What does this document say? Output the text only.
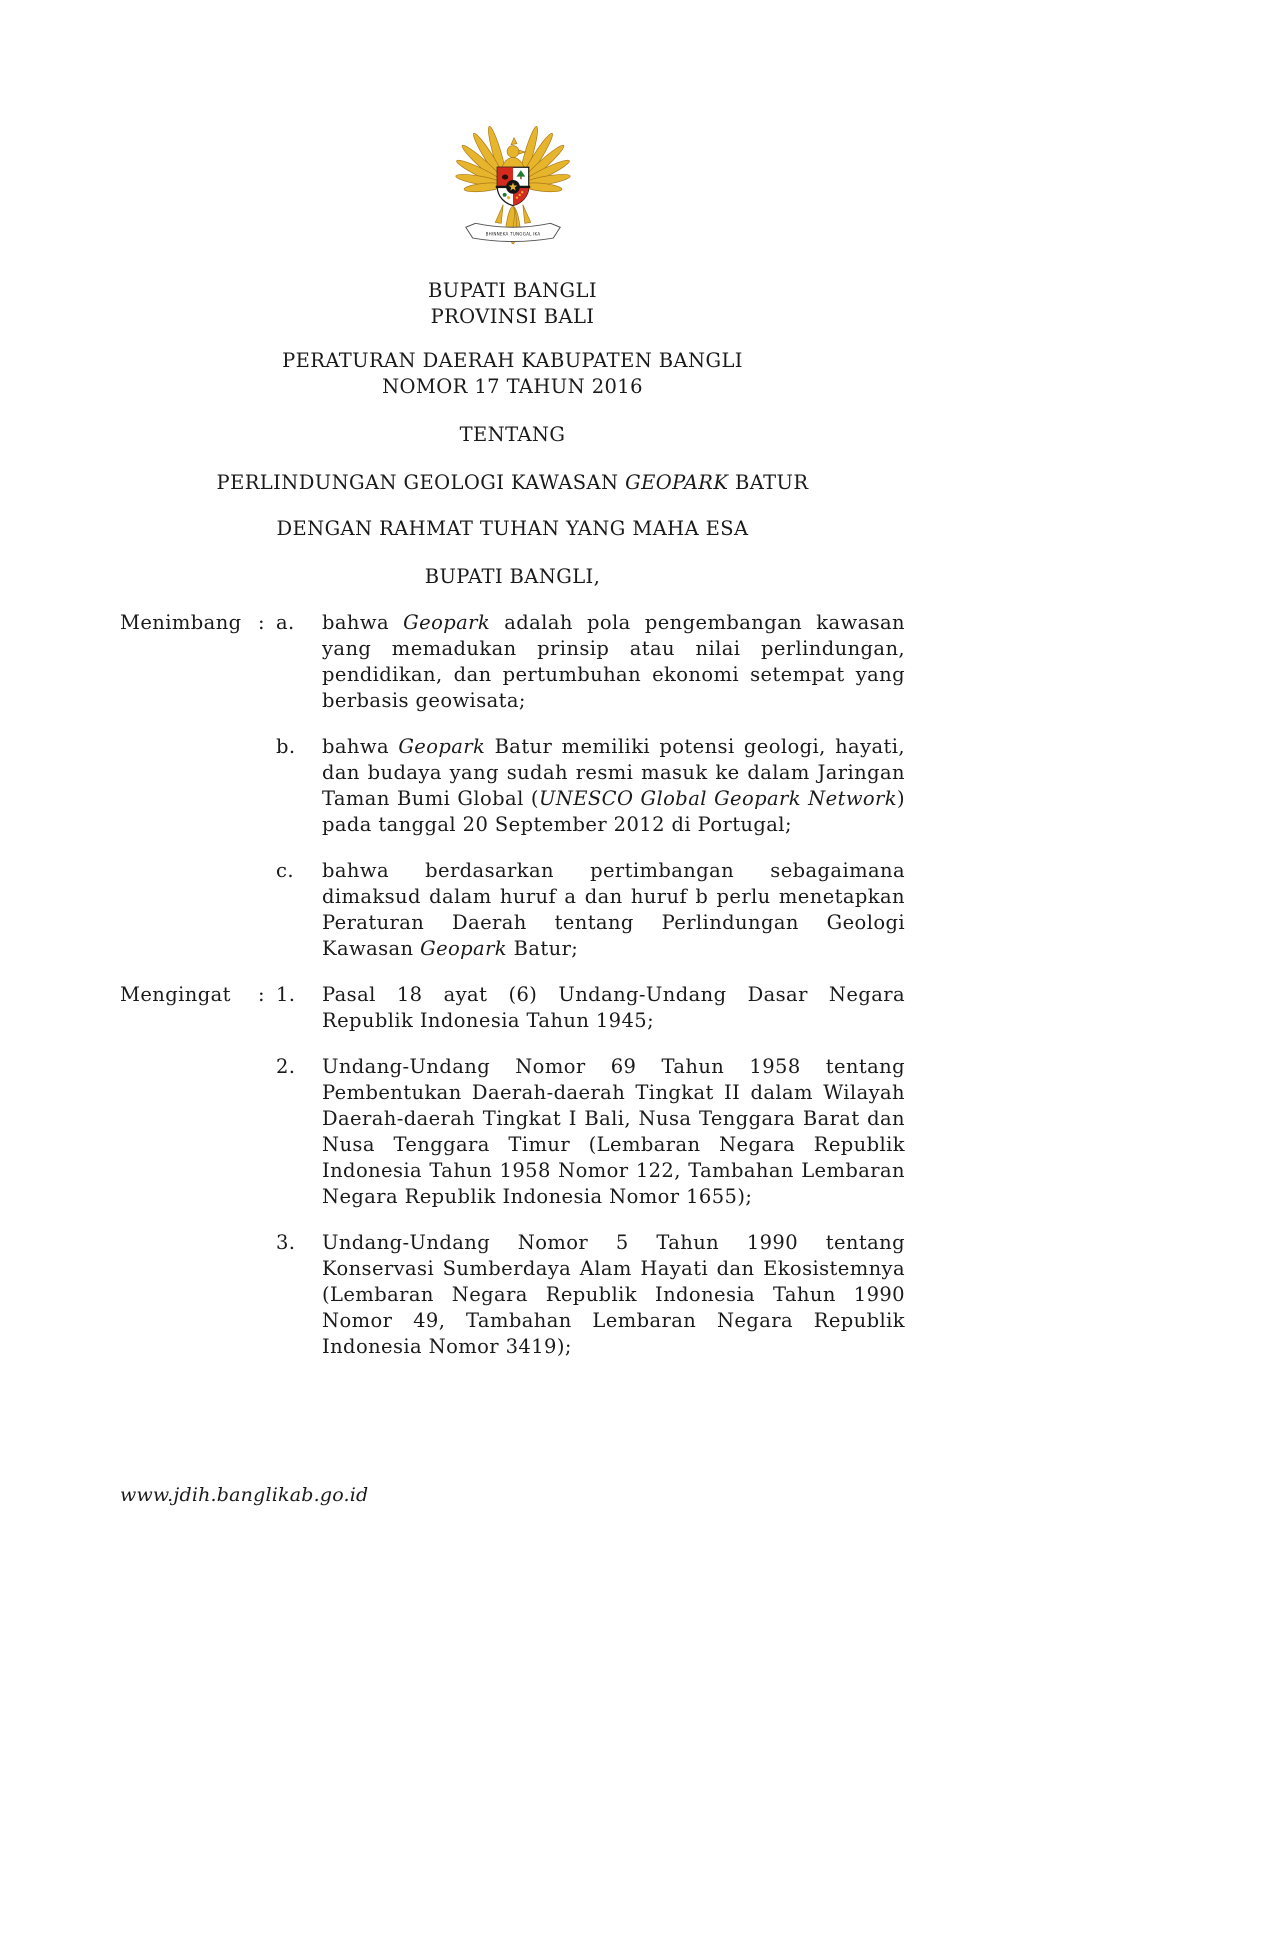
BHINNEKA TUNGGAL IKA
BUPATI BANGLI
PROVINSI BALI
PERATURAN DAERAH KABUPATEN BANGLI
NOMOR 17 TAHUN 2016
TENTANG
PERLINDUNGAN GEOLOGI KAWASAN GEOPARK BATUR
DENGAN RAHMAT TUHAN YANG MAHA ESA
BUPATI BANGLI,
Menimbang : a.	bahwa Geopark adalah pola pengembangan kawasan yang memadukan prinsip atau nilai perlindungan, pendidikan, dan pertumbuhan ekonomi setempat yang berbasis geowisata;
b.	bahwa Geopark Batur memiliki potensi geologi, hayati, dan budaya yang sudah resmi masuk ke dalam Jaringan Taman Bumi Global (UNESCO Global Geopark Network) pada tanggal 20 September 2012 di Portugal;
c.	bahwa berdasarkan pertimbangan sebagaimana dimaksud dalam huruf a dan huruf b perlu menetapkan Peraturan Daerah tentang Perlindungan Geologi Kawasan Geopark Batur;
Mengingat	: 1.	Pasal 18 ayat (6) Undang-Undang Dasar Negara Republik Indonesia Tahun 1945;
2.	Undang-Undang Nomor 69 Tahun 1958 tentang Pembentukan Daerah-daerah Tingkat II dalam Wilayah Daerah-daerah Tingkat I Bali, Nusa Tenggara Barat dan Nusa Tenggara Timur (Lembaran Negara Republik Indonesia Tahun 1958 Nomor 122, Tambahan Lembaran Negara Republik Indonesia Nomor 1655);
3.	Undang-Undang Nomor 5 Tahun 1990 tentang Konservasi Sumberdaya Alam Hayati dan Ekosistemnya (Lembaran Negara Republik Indonesia Tahun 1990 Nomor 49, Tambahan Lembaran Negara Republik Indonesia Nomor 3419);
www.jdih.banglikab.go.id
